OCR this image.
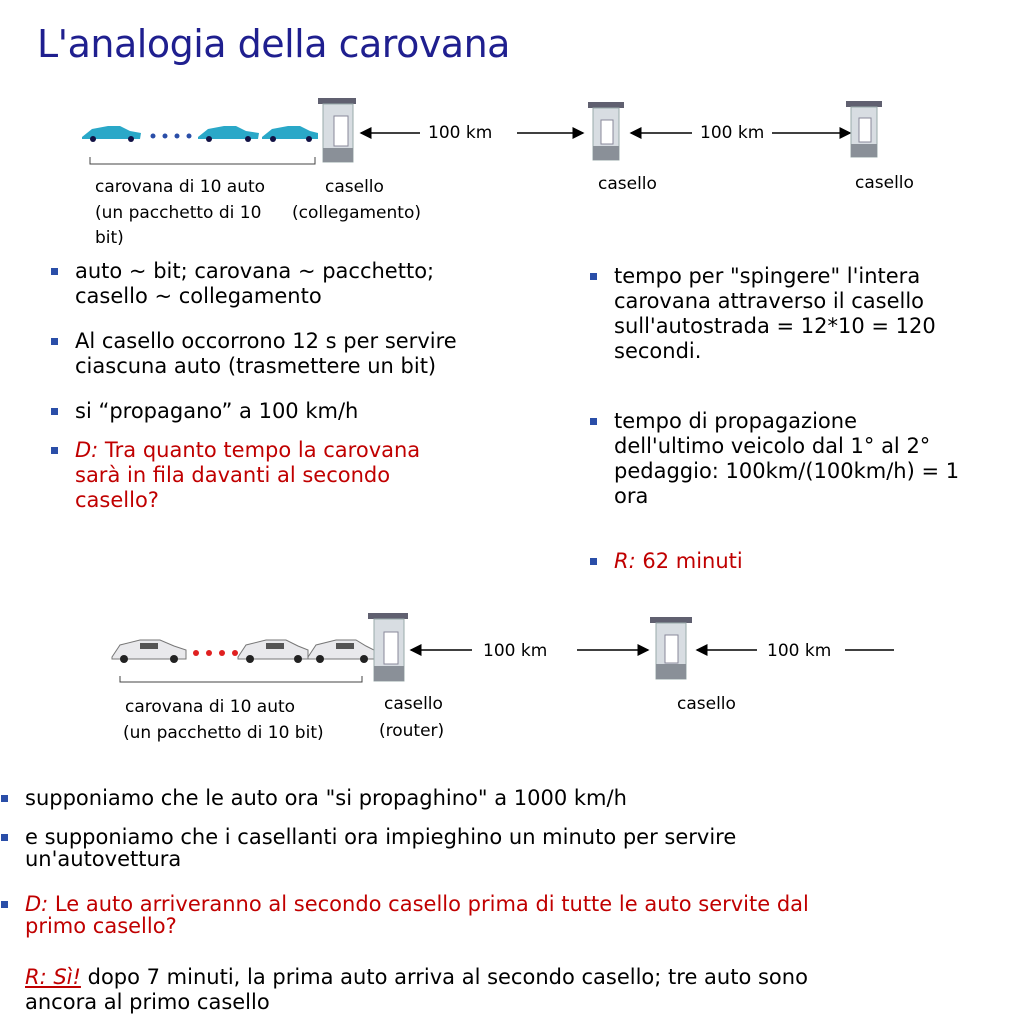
L'analogia della carovana
100 km	100 km
carovana di 10 auto
(un pacchetto di 10
bit)
casello
(collegamento)
casello	casello
auto ~ bit; carovana ~ pacchetto;
casello ~ collegamento
Al casello occorrono 12 s per servire
ciascuna auto (trasmettere un bit)
si “propagano” a 100 km/h
D: Tra quanto tempo la carovana
sarà in fila davanti al secondo
casello?
tempo per "spingere" l'intera
carovana attraverso il casello
sull'autostrada = 12*10 = 120
secondi.
tempo di propagazione
dell'ultimo veicolo dal 1° al 2°
pedaggio: 100km/(100km/h) = 1
ora
R: 62 minuti
100 km	100 km
carovana di 10 auto
(un pacchetto di 10 bit)
casello
(router)
casello
supponiamo che le auto ora "si propaghino" a 1000 km/h
e supponiamo che i casellanti ora impieghino un minuto per servire
un'autovettura
D: Le auto arriveranno al secondo casello prima di tutte le auto servite dal
primo casello?
R: Sì! dopo 7 minuti, la prima auto arriva al secondo casello; tre auto sono
ancora al primo casello
